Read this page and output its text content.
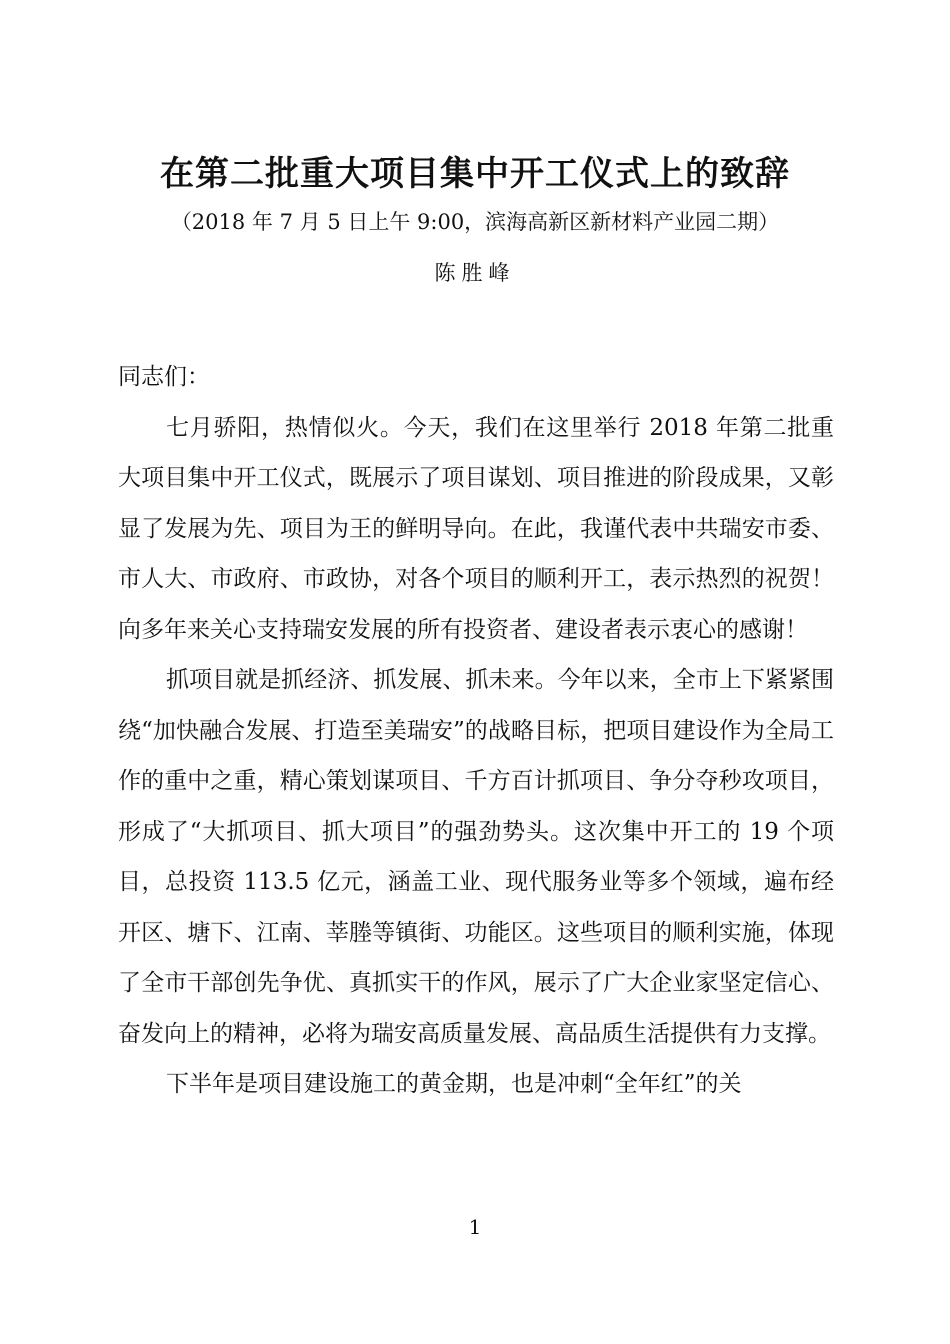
在第二批重大项目集中开工仪式上的致辞
（2018 年 7 月 5 日上午 9:00，滨海高新区新材料产业园二期）
陈胜峰

同志们：

七月骄阳，热情似火。今天，我们在这里举行 2018 年第二批重大项目集中开工仪式，既展示了项目谋划、项目推进的阶段成果，又彰显了发展为先、项目为王的鲜明导向。在此，我谨代表中共瑞安市委、市人大、市政府、市政协，对各个项目的顺利开工，表示热烈的祝贺！向多年来关心支持瑞安发展的所有投资者、建设者表示衷心的感谢！

抓项目就是抓经济、抓发展、抓未来。今年以来，全市上下紧紧围绕“加快融合发展、打造至美瑞安”的战略目标，把项目建设作为全局工作的重中之重，精心策划谋项目、千方百计抓项目、争分夺秒攻项目，形成了“大抓项目、抓大项目”的强劲势头。这次集中开工的 19 个项目，总投资 113.5 亿元，涵盖工业、现代服务业等多个领域，遍布经开区、塘下、江南、莘塍等镇街、功能区。这些项目的顺利实施，体现了全市干部创先争优、真抓实干的作风，展示了广大企业家坚定信心、奋发向上的精神，必将为瑞安高质量发展、高品质生活提供有力支撑。

下半年是项目建设施工的黄金期，也是冲刺“全年红”的关

1
